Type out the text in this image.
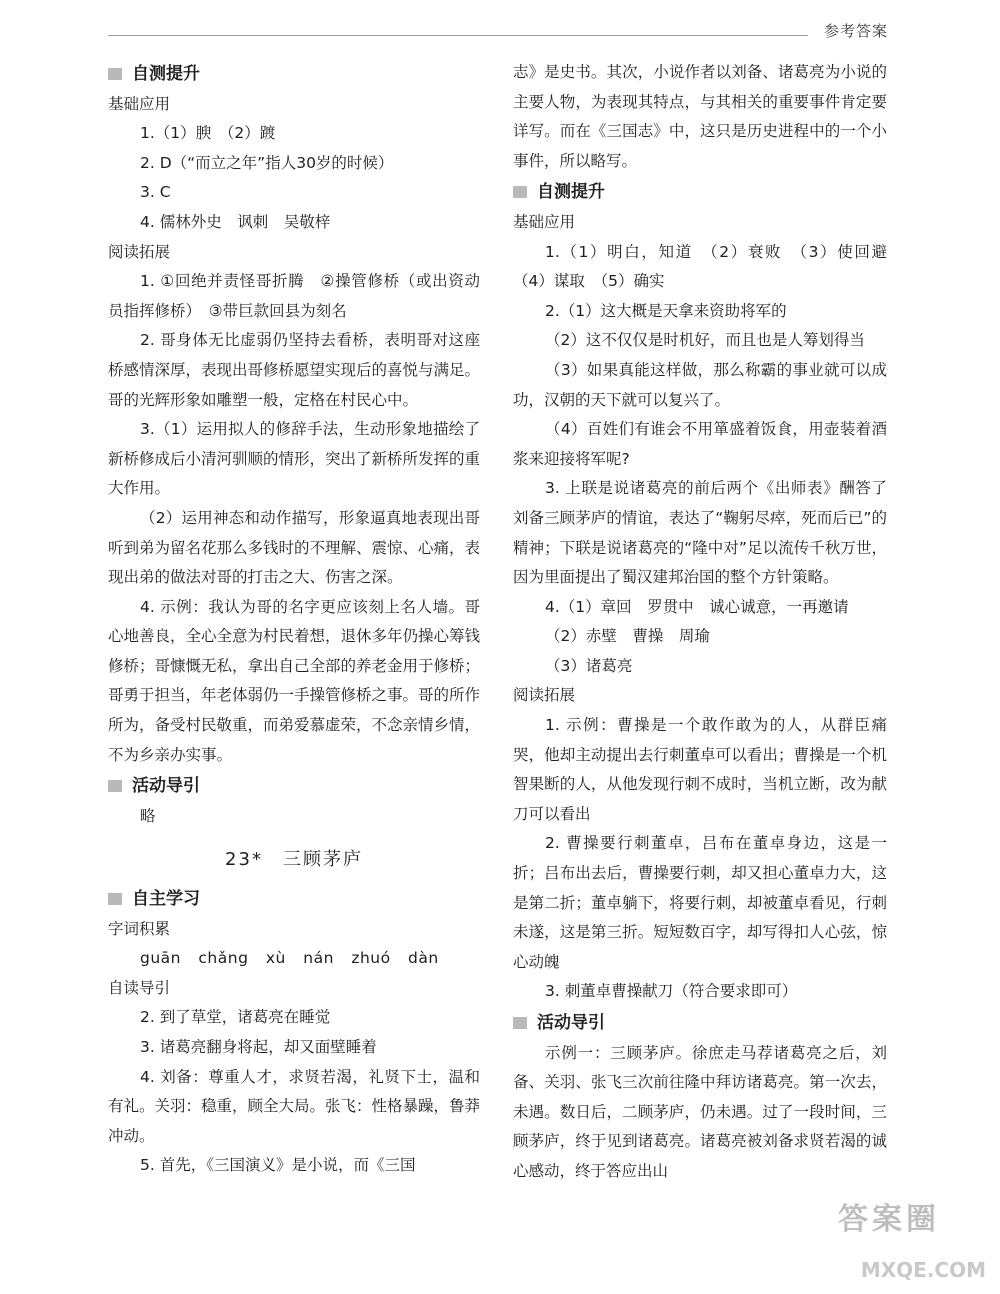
参考答案
自测提升
基础应用
1.（1）腴　（2）踱
2. D（“而立之年”指人30岁的时候）
3. C
4. 儒林外史　讽刺　吴敬梓
阅读拓展
1. ①回绝并责怪哥折腾　②操管修桥（或出资动员指挥修桥）　③带巨款回县为刻名
2. 哥身体无比虚弱仍坚持去看桥，表明哥对这座桥感情深厚，表现出哥修桥愿望实现后的喜悦与满足。哥的光辉形象如雕塑一般，定格在村民心中。
3.（1）运用拟人的修辞手法，生动形象地描绘了新桥修成后小清河驯顺的情形，突出了新桥所发挥的重大作用。
（2）运用神态和动作描写，形象逼真地表现出哥听到弟为留名花那么多钱时的不理解、震惊、心痛，表现出弟的做法对哥的打击之大、伤害之深。
4. 示例：我认为哥的名字更应该刻上名人墙。哥心地善良，全心全意为村民着想，退休多年仍操心筹钱修桥；哥慷慨无私，拿出自己全部的养老金用于修桥；哥勇于担当，年老体弱仍一手操管修桥之事。哥的所作所为，备受村民敬重，而弟爱慕虚荣，不念亲情乡情，不为乡亲办实事。
活动导引
略
23*　三顾茅庐
自主学习
字词积累
guān chǎng xù nán zhuó dàn
自读导引
2. 到了草堂，诸葛亮在睡觉
3. 诸葛亮翻身将起，却又面壁睡着
4. 刘备：尊重人才，求贤若渴，礼贤下士，温和有礼。关羽：稳重，顾全大局。张飞：性格暴躁，鲁莽冲动。
5. 首先，《三国演义》是小说，而《三国
志》是史书。其次，小说作者以刘备、诸葛亮为小说的主要人物，为表现其特点，与其相关的重要事件肯定要详写。而在《三国志》中，这只是历史进程中的一个小事件，所以略写。
自测提升
基础应用
1.（1）明白，知道　（2）衰败　（3）使回避　（4）谋取　（5）确实
2.（1）这大概是天拿来资助将军的
（2）这不仅仅是时机好，而且也是人筹划得当
（3）如果真能这样做，那么称霸的事业就可以成功，汉朝的天下就可以复兴了。
（4）百姓们有谁会不用箪盛着饭食，用壶装着酒浆来迎接将军呢?
3. 上联是说诸葛亮的前后两个《出师表》酬答了刘备三顾茅庐的情谊，表达了“鞠躬尽瘁，死而后已”的精神；下联是说诸葛亮的“隆中对”足以流传千秋万世，因为里面提出了蜀汉建邦治国的整个方针策略。
4.（1）章回　罗贯中　诚心诚意，一再邀请
（2）赤壁　曹操　周瑜
（3）诸葛亮
阅读拓展
1. 示例：曹操是一个敢作敢为的人，从群臣痛哭，他却主动提出去行刺董卓可以看出；曹操是一个机智果断的人，从他发现行刺不成时，当机立断，改为献刀可以看出
2. 曹操要行刺董卓，吕布在董卓身边，这是一折；吕布出去后，曹操要行刺，却又担心董卓力大，这是第二折；董卓躺下，将要行刺，却被董卓看见，行刺未遂，这是第三折。短短数百字，却写得扣人心弦，惊心动魄
3. 刺董卓曹操献刀（符合要求即可）
活动导引
示例一：三顾茅庐。徐庶走马荐诸葛亮之后，刘备、关羽、张飞三次前往隆中拜访诸葛亮。第一次去，未遇。数日后，二顾茅庐，仍未遇。过了一段时间，三顾茅庐，终于见到诸葛亮。诸葛亮被刘备求贤若渴的诚心感动，终于答应出山
答案圈
MXQE.COM
